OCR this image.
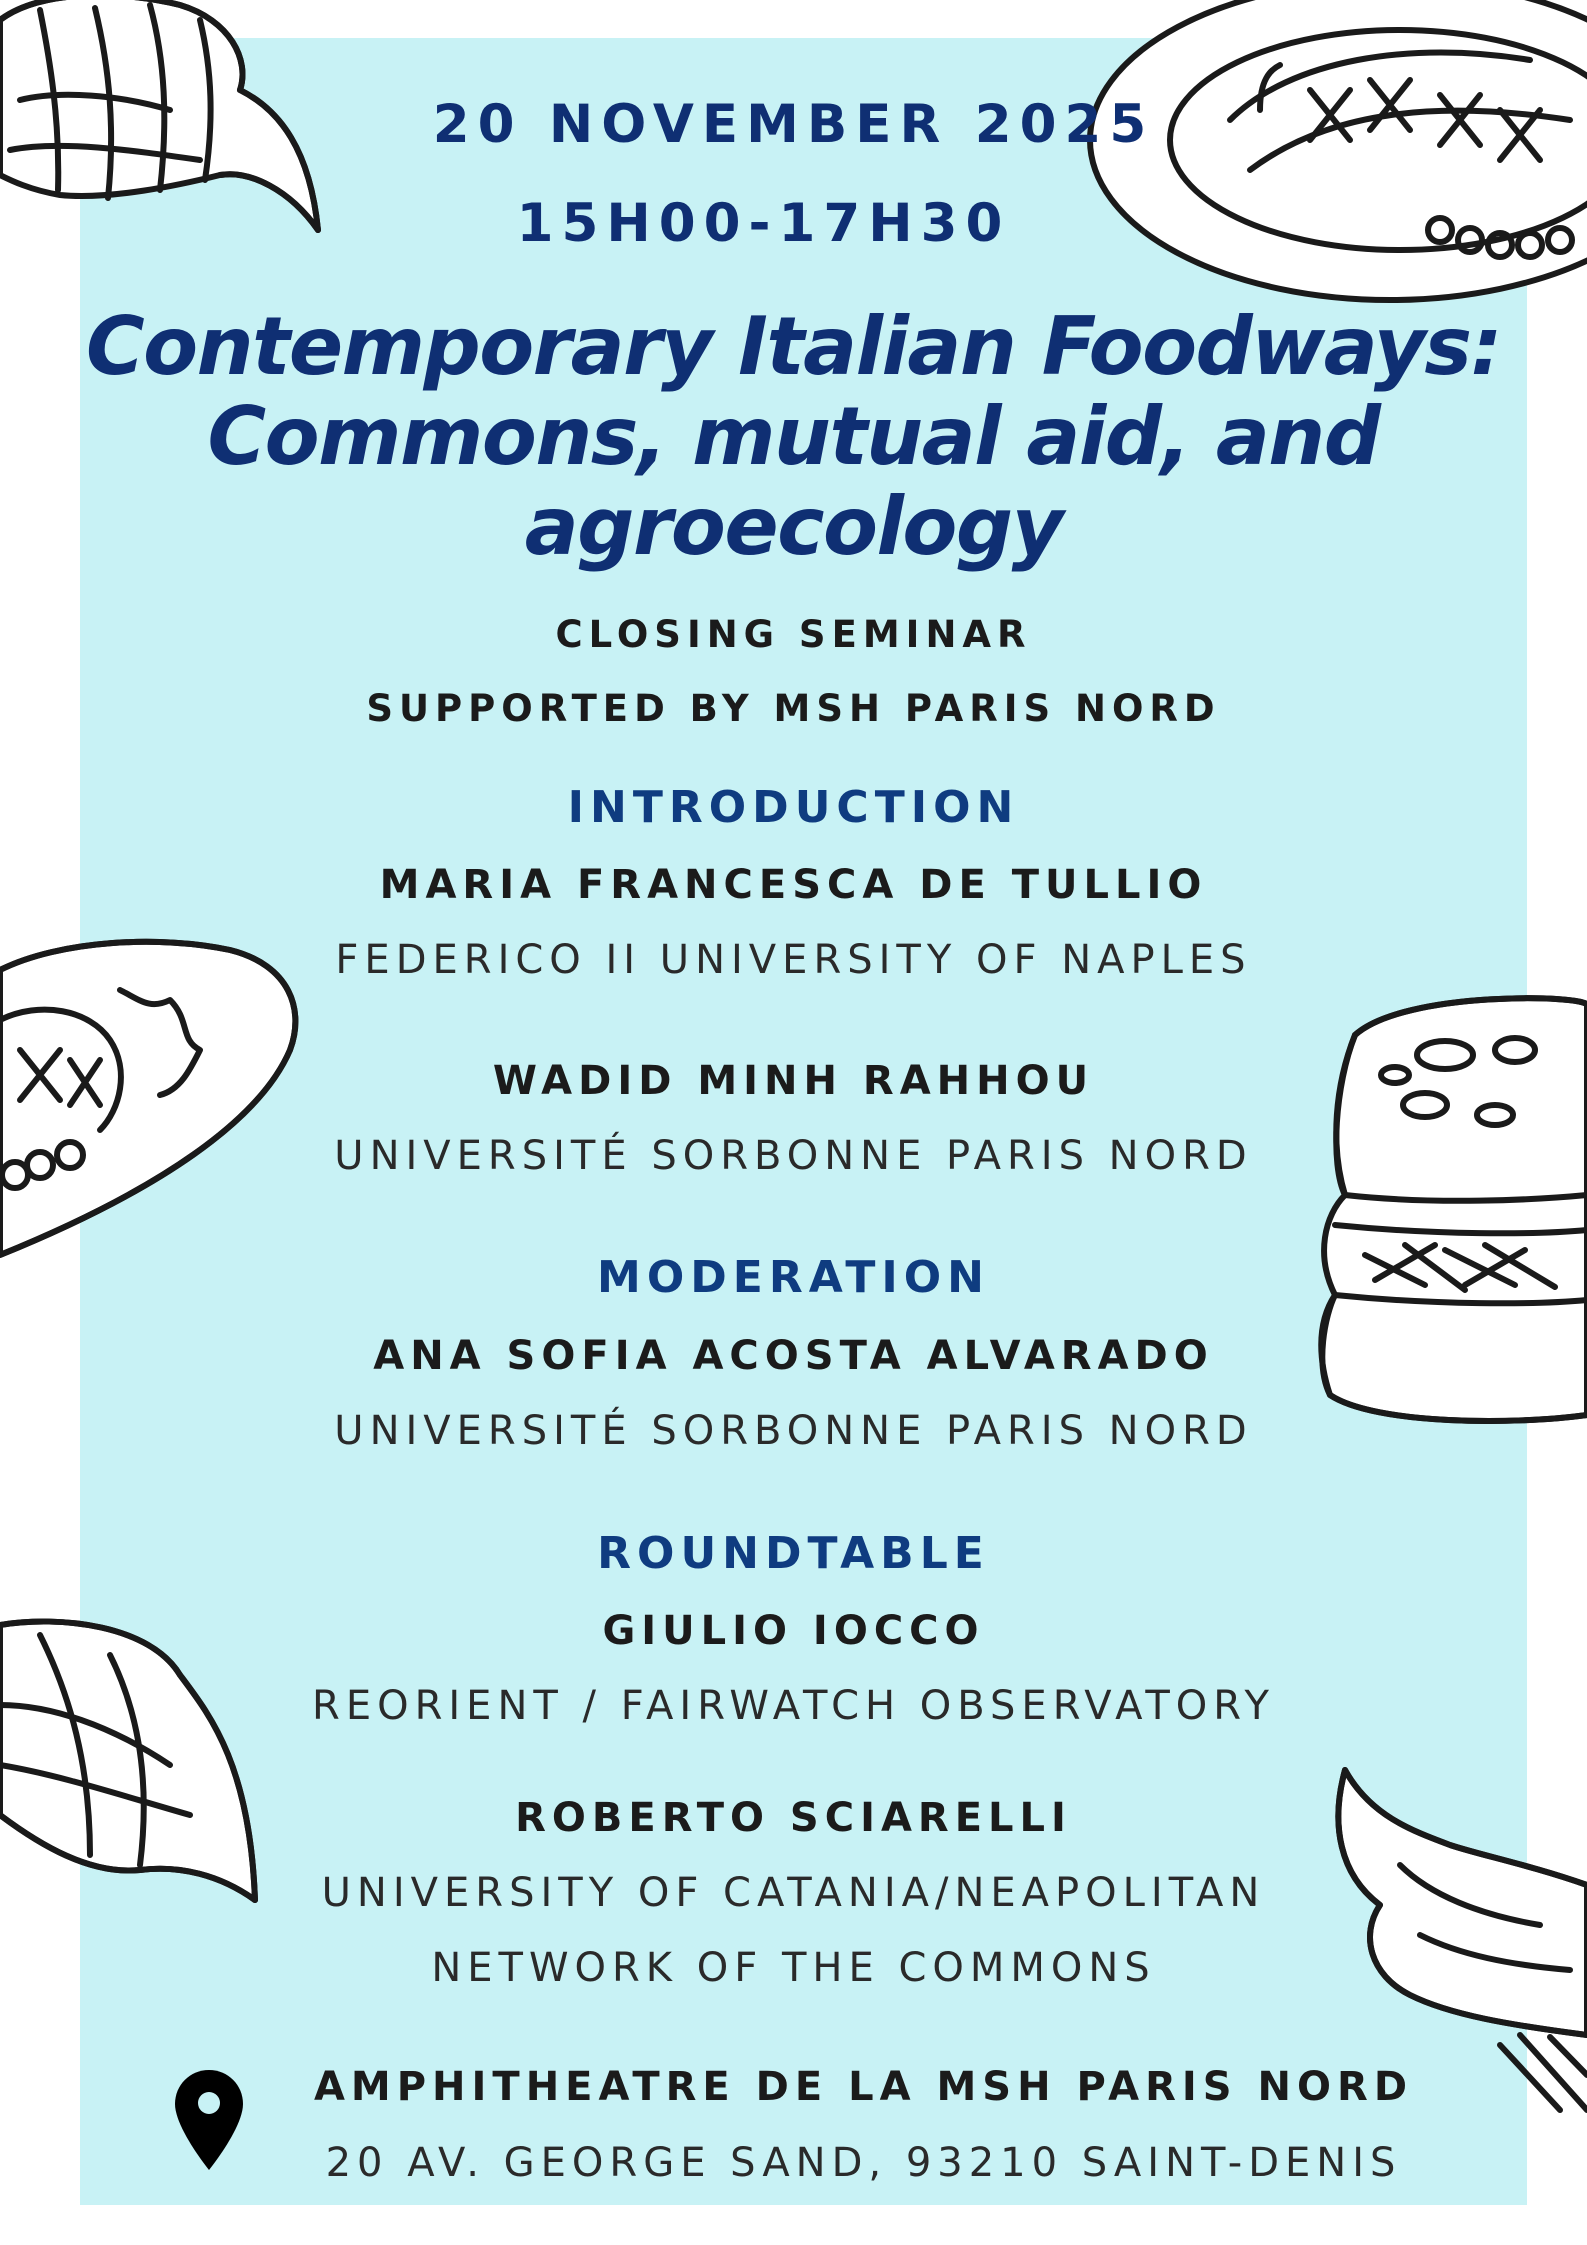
20 NOVEMBER 2025
15H00-17H30
Contemporary Italian Foodways:
Commons, mutual aid, and
agroecology
CLOSING SEMINAR
SUPPORTED BY MSH PARIS NORD
INTRODUCTION
MARIA FRANCESCA DE TULLIO
FEDERICO II UNIVERSITY OF NAPLES
WADID MINH RAHHOU
UNIVERSITÉ SORBONNE PARIS NORD
MODERATION
ANA SOFIA ACOSTA ALVARADO
UNIVERSITÉ SORBONNE PARIS NORD
ROUNDTABLE
GIULIO IOCCO
REORIENT / FAIRWATCH OBSERVATORY
ROBERTO SCIARELLI
UNIVERSITY OF CATANIA/NEAPOLITAN
NETWORK OF THE COMMONS
AMPHITHEATRE DE LA MSH PARIS NORD
20 AV. GEORGE SAND, 93210 SAINT-DENIS
